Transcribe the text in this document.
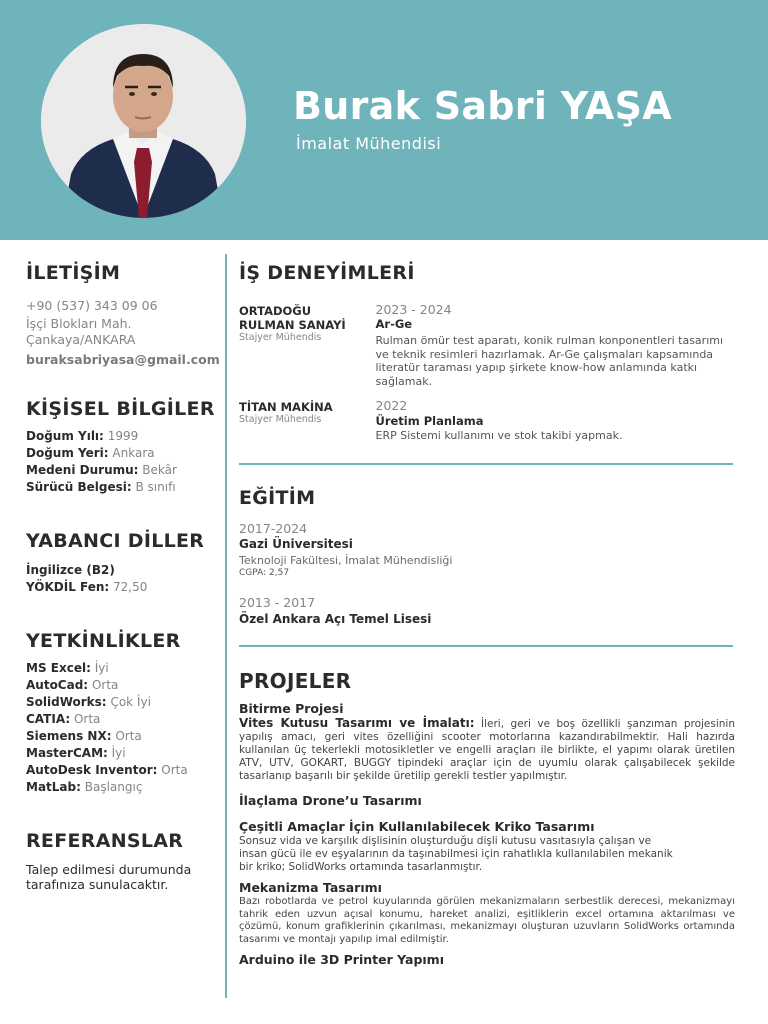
Burak Sabri YAŞA
İmalat Mühendisi
İLETİŞİM
+90 (537) 343 09 06
İşçi Blokları Mah.
Çankaya/ANKARA
buraksabriyasa@gmail.com
KİŞİSEL BİLGİLER
Doğum Yılı: 1999
Doğum Yeri: Ankara
Medeni Durumu: Bekâr
Sürücü Belgesi: B sınıfı
YABANCI DİLLER
İngilizce (B2)
YÖKDİL Fen: 72,50
YETKİNLİKLER
MS Excel: İyi
AutoCad: Orta
SolidWorks: Çok İyi
CATIA: Orta
Siemens NX: Orta
MasterCAM: İyi
AutoDesk Inventor: Orta
MatLab: Başlangıç
REFERANSLAR
Talep edilmesi durumunda
tarafınıza sunulacaktır.
İŞ DENEYİMLERİ
ORTADOĞU
RULMAN SANAYİ
Stajyer Mühendis
2023 - 2024
Ar-Ge
Rulman ömür test aparatı, konik rulman konponentleri tasarımı ve teknik resimleri hazırlamak. Ar-Ge çalışmaları kapsamında literatür taraması yapıp şirkete know-how anlamında katkı sağlamak.
TİTAN MAKİNA
Stajyer Mühendis
2022
Üretim Planlama
ERP Sistemi kullanımı ve stok takibi yapmak.
EĞİTİM
2017-2024
Gazi Üniversitesi
Teknoloji Fakültesi, İmalat Mühendisliği
CGPA: 2,57
2013 - 2017
Özel Ankara Açı Temel Lisesi
PROJELER
Bitirme Projesi
Vites Kutusu Tasarımı ve İmalatı: İleri, geri ve boş özellikli şanzıman projesinin yapılış amacı, geri vites özelliğini scooter motorlarına kazandırabilmektir. Hali hazırda kullanılan üç tekerlekli motosikletler ve engelli araçları ile birlikte, el yapımı olarak üretilen ATV, UTV, GOKART, BUGGY tipindeki araçlar için de uyumlu olarak çalışabilecek şekilde tasarlanıp başarılı bir şekilde üretilip gerekli testler yapılmıştır.
İlaçlama Drone’u Tasarımı
Çeşitli Amaçlar İçin Kullanılabilecek Kriko Tasarımı
Sonsuz vida ve karşılık dişlisinin oluşturduğu dişli kutusu vasıtasıyla çalışan ve
insan gücü ile ev eşyalarının da taşınabilmesi için rahatlıkla kullanılabilen mekanik
bir kriko; SolidWorks ortamında tasarlanmıştır.
Mekanizma Tasarımı
Bazı robotlarda ve petrol kuyularında görülen mekanizmaların serbestlik derecesi, mekanizmayı tahrik eden uzvun açısal konumu, hareket analizi, eşitliklerin excel ortamına aktarılması ve çözümü, konum grafiklerinin çıkarılması, mekanizmayı oluşturan uzuvların SolidWorks ortamında tasarımı ve montajı yapılıp imal edilmiştir.
Arduino ile 3D Printer Yapımı
